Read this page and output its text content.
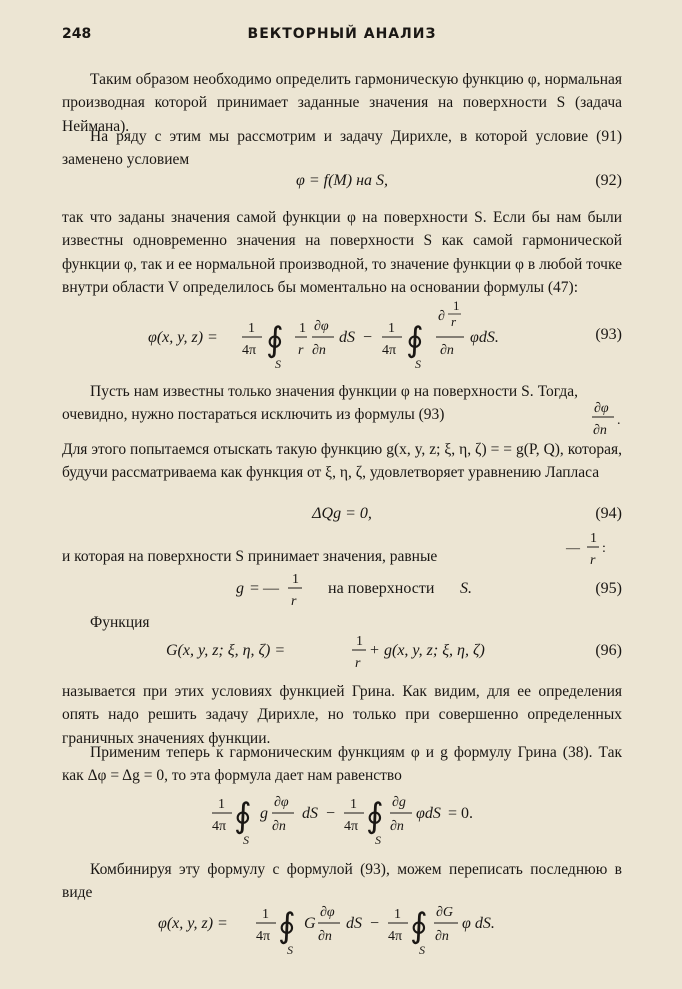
248	ВЕКТОРНЫЙ АНАЛИЗ

Таким образом необходимо определить гармоническую функцию φ, нормальная производная которой принимает заданные значения на поверхности S (задача Неймана).

На ряду с этим мы рассмотрим и задачу Дирихле, в которой условие (91) заменено условием

φ = f(M) на S,	(92)

так что заданы значения самой функции φ на поверхности S. Если бы нам были известны одновременно значения на поверхности S как самой гармонической функции φ, так и ее нормальной производной, то значение функции φ в любой точке внутри области V определилось бы моментально на основании формулы (47):

φ(x, y, z) =
1
4π ∮
S
1
r
∂φ
∂n
dS −
1
4π ∮
S
∂
1
r
∂n
φdS.	(93)

Пусть нам известны только значения функции φ на поверхности S. Тогда, очевидно, нужно постараться исключить из формулы (93)	∂φ
∂n
.

Для этого попытаемся отыскать такую функцию g(x, y, z; ξ, η, ζ) = = g(P, Q), которая, будучи рассматриваема как функция от ξ, η, ζ, удовлетворяет уравнению Лапласа

ΔQg = 0,	(94)

и которая на поверхности S принимает значения, равные	—
1
r
:
g = —
1
r
на поверхности S.	(95)

Функция

G(x, y, z; ξ, η, ζ) =
1
r
+ g(x, y, z; ξ, η, ζ)	(96)

называется при этих условиях функцией Грина. Как видим, для ее определения опять надо решить задачу Дирихле, но только при совершенно определенных граничных значениях функции.

Применим теперь к гармоническим функциям φ и g формулу Грина (38). Так как Δφ = Δg = 0, то эта формула дает нам равенство

1
4π ∮
S
g
∂φ
∂n
dS −
1
4π ∮
S
∂g
∂n
φdS = 0.

Комбинируя эту формулу с формулой (93), можем переписать последнюю в виде

φ(x, y, z) =
1
4π ∮
S
G
∂φ
∂n
dS −
1
4π ∮
S
∂G
∂n
φ dS.
